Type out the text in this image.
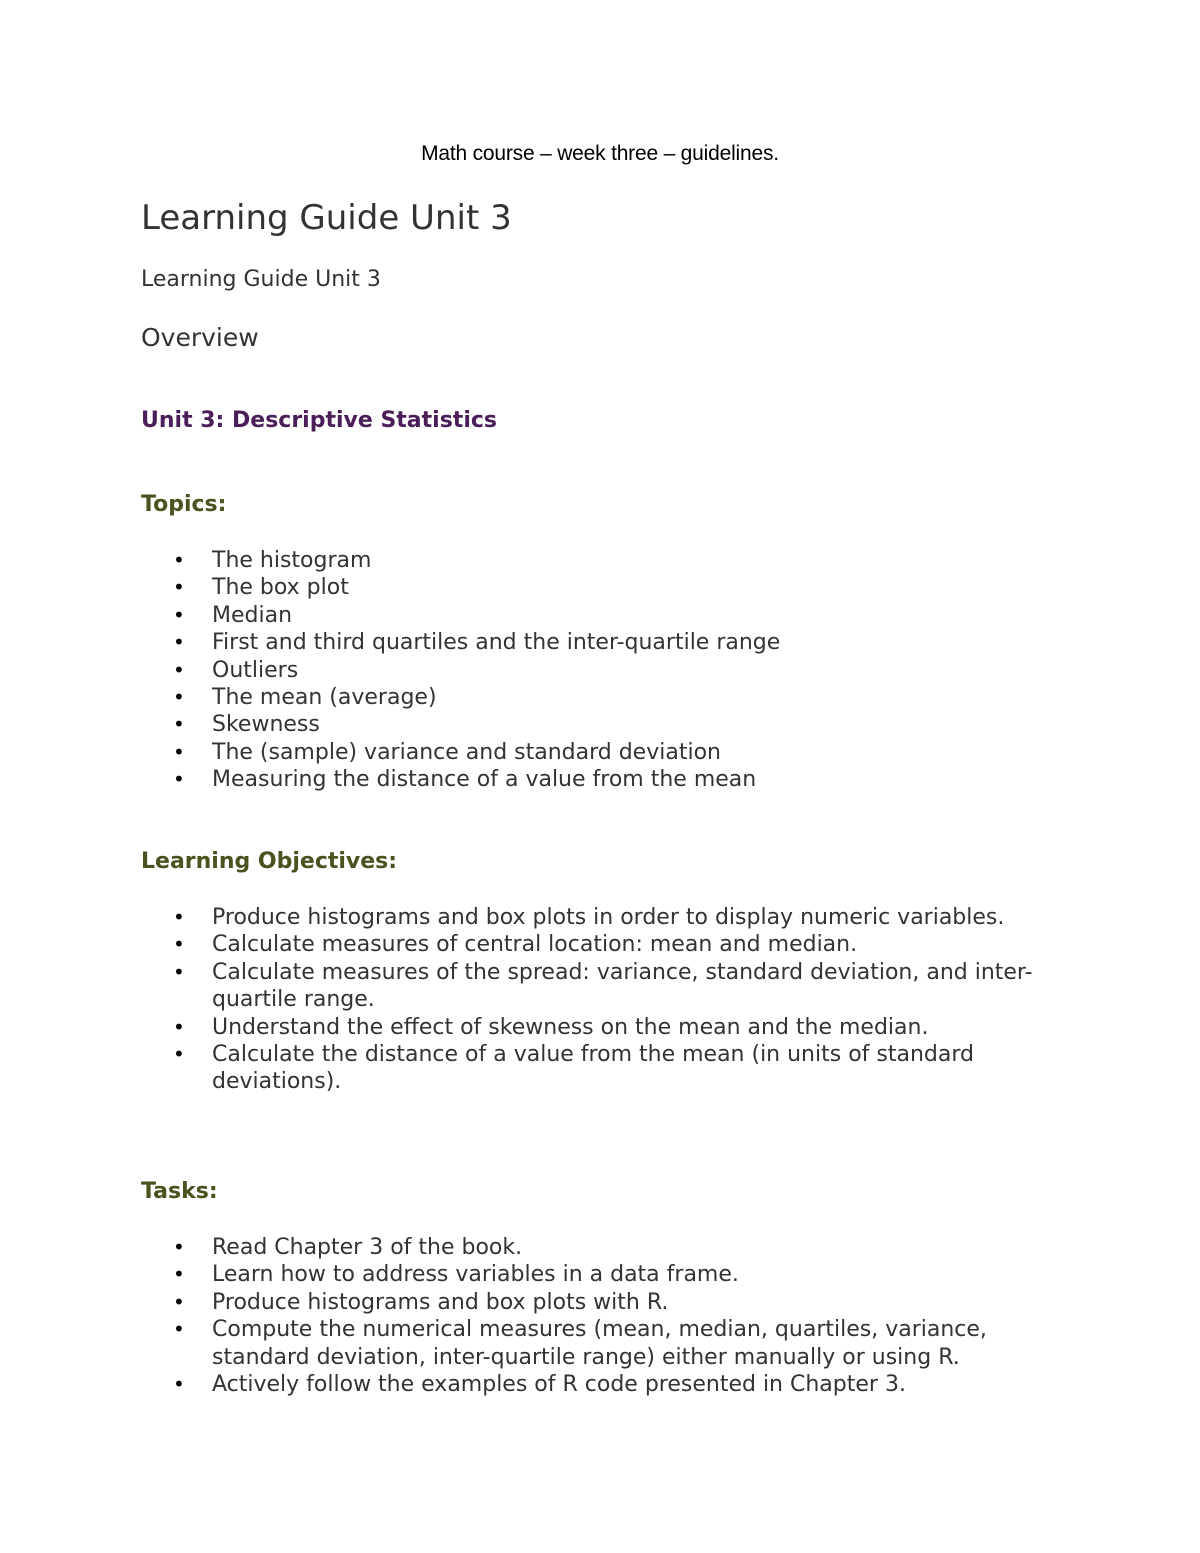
Math course – week three – guidelines.
Learning Guide Unit 3
Learning Guide Unit 3
Overview
Unit 3: Descriptive Statistics
Topics:
• The histogram
• The box plot
• Median
• First and third quartiles and the inter-quartile range
• Outliers
• The mean (average)
• Skewness
• The (sample) variance and standard deviation
• Measuring the distance of a value from the mean
Learning Objectives:
• Produce histograms and box plots in order to display numeric variables.
• Calculate measures of central location: mean and median.
• Calculate measures of the spread: variance, standard deviation, and inter-quartile range.
• Understand the effect of skewness on the mean and the median.
• Calculate the distance of a value from the mean (in units of standard deviations).
Tasks:
• Read Chapter 3 of the book.
• Learn how to address variables in a data frame.
• Produce histograms and box plots with R.
• Compute the numerical measures (mean, median, quartiles, variance, standard deviation, inter-quartile range) either manually or using R.
• Actively follow the examples of R code presented in Chapter 3.
